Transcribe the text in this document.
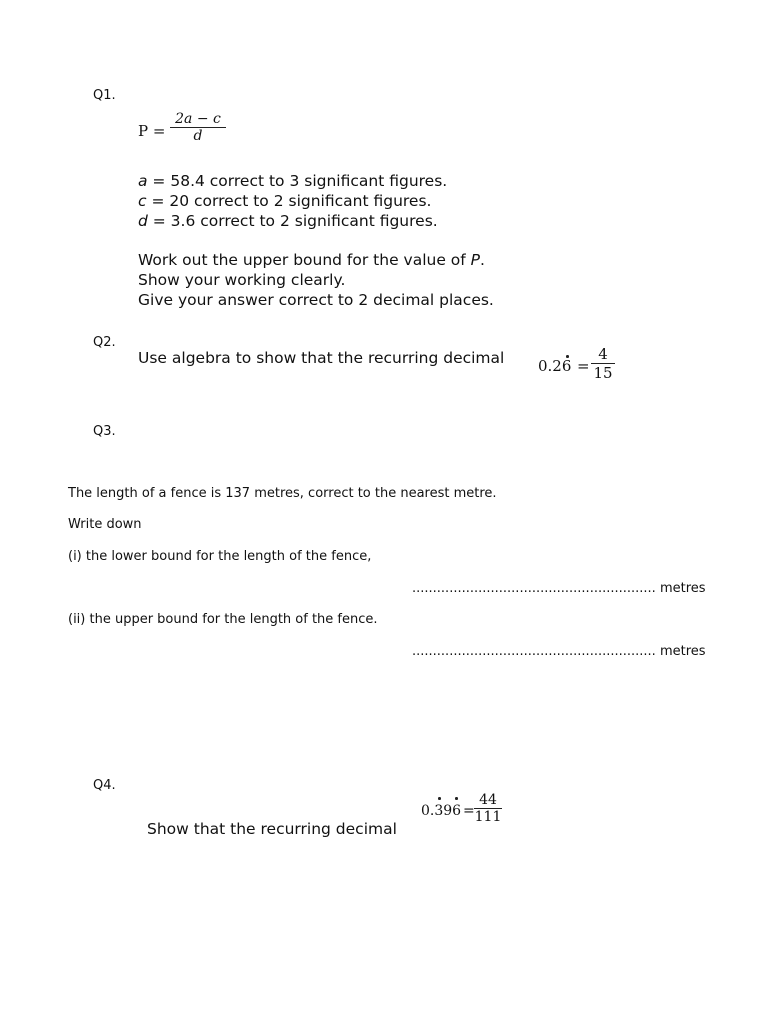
Q1.
P =
2a − c
d
a = 58.4 correct to 3 significant figures.
c = 20 correct to 2 significant figures.
d = 3.6 correct to 2 significant figures.
Work out the upper bound for the value of P.
Show your working clearly.
Give your answer correct to 2 decimal places.
Q2.
Use algebra to show that the recurring decimal 0.26 =
4
15
Q3.
The length of a fence is 137 metres, correct to the nearest metre.
Write down
(i) the lower bound for the length of the fence,
........................................................... metres
(ii) the upper bound for the length of the fence.
........................................................... metres
Q4.
Show that the recurring decimal
0.396 =
44
111
